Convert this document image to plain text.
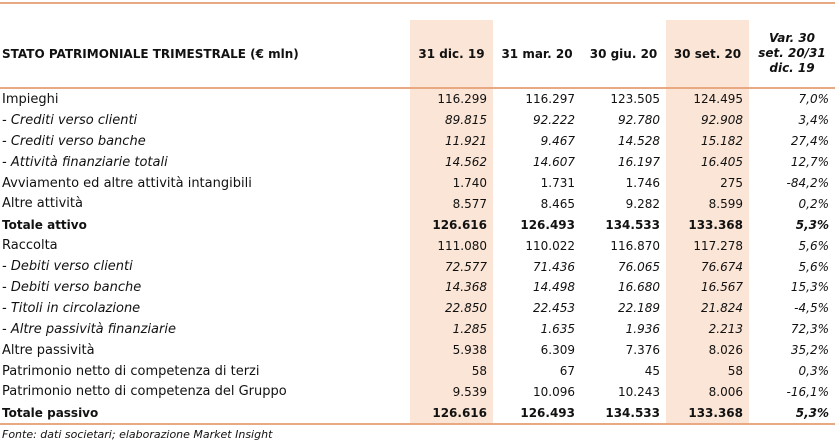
STATO PATRIMONIALE TRIMESTRALE (€ mln)	31 dic. 19	31 mar. 20	30 giu. 20	30 set. 20	Var. 30 set. 20/31 dic. 19
Impieghi	116.299	116.297	123.505	124.495	7,0%
- Crediti verso clienti	89.815	92.222	92.780	92.908	3,4%
- Crediti verso banche	11.921	9.467	14.528	15.182	27,4%
- Attività finanziarie totali	14.562	14.607	16.197	16.405	12,7%
Avviamento ed altre attività intangibili	1.740	1.731	1.746	275	-84,2%
Altre attività	8.577	8.465	9.282	8.599	0,2%
Totale attivo	126.616	126.493	134.533	133.368	5,3%
Raccolta	111.080	110.022	116.870	117.278	5,6%
- Debiti verso clienti	72.577	71.436	76.065	76.674	5,6%
- Debiti verso banche	14.368	14.498	16.680	16.567	15,3%
- Titoli in circolazione	22.850	22.453	22.189	21.824	-4,5%
- Altre passività finanziarie	1.285	1.635	1.936	2.213	72,3%
Altre passività	5.938	6.309	7.376	8.026	35,2%
Patrimonio netto di competenza di terzi	58	67	45	58	0,3%
Patrimonio netto di competenza del Gruppo	9.539	10.096	10.243	8.006	-16,1%
Totale passivo	126.616	126.493	134.533	133.368	5,3%
Fonte: dati societari; elaborazione Market Insight
